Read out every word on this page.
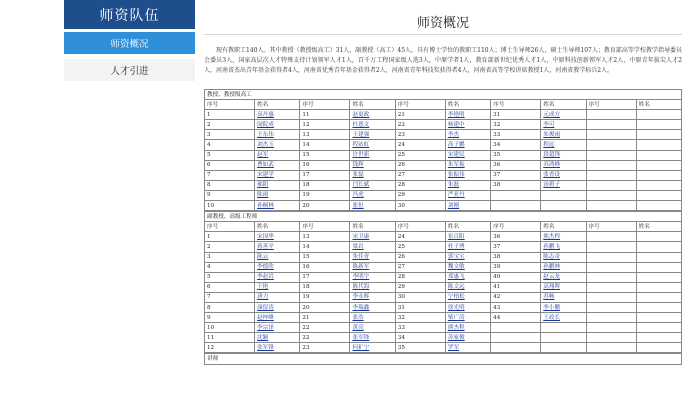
师资队伍
师资概况
人才引进
师资概况

现有教职工140人。其中教授（教授级高工）31人，副教授（高工）45人，具有博士学位的教职工110人；博士生导师26人，硕士生导师107人；教育部高等学校教学指导委员会委员3人，国家高层次人才特殊支持计划领军人才1人，百千万工程国家级人选3人，中原学者1人，教育部新世纪优秀人才1人，中原科技创新领军人才2人，中原青年拔尖人才2人，河南省杰出青年基金获得者4人，河南省优秀青年基金获得者2人，河南省青年科技奖获得者4人，河南省高等学校讲席教授1人，河南省教学标兵2人。

教授、教授级高工									
序号	姓名	序号	姓名	序号	姓名	序号	姓名	序号	姓名
1	高丹惠	11	赵更政	21	李艳明	31	元成方		
2	闻院成	12	杜恩文	22	杨建中	32	李可		
3	王东伟	13	王建强	23	李杰	33	朱俊雨		
4	刘杰玉	14	程站虹	24	高子鹏	34	程远		
5	赵军	15	许世新	25	宋建民	35	段超锋		
6	曹如武	16	钱辉	26	朱军振	36	苏鸿峰		
7	宋建学	17	张磊	27	张振伟	37	张香设		
8	郝阳	18	闫长斌	28	朱磊	38	汤碧子		
9	陈雨	19	冯虎	29	严亚丹				
10	孙桐林	20	张恒	30	刘刚				
副教授、高级工程师									
序号	姓名	序号	姓名	序号	姓名	序号	姓名	序号	姓名
1	宋国华	13	宋卫康	24	崔百阳	36	熊杰程		
2	蒋善平	14	梁岩	25	杜子博	37	孙鹏飞		
3	陈云	15	朱佳青	26	郭宝宝	38	陈志奇		
4	李德欣	16	陈新军	27	魏文敏	39	孙鹏林		
5	李赵岩	17	李明宇	28	郑惠飞	40	赵云龙		
6	王艳	18	陈代海	29	陈文远	41	高翔晖		
7	唐力	19	李永辉	30	宁柏松	42	苏畅		
8	康留涛	20	李瑞鑫	31	徐光明	43	李小鹏		
9	赵梓峰	21	张浩	32	柴广涛	44	王政长		
10	李宗泽	22	黄亮	33	熊杰程				
11	沈颖	22	张军锋	34	苏家俊				
12	张军锋	23	何犷宁	35	罗军				
讲师
